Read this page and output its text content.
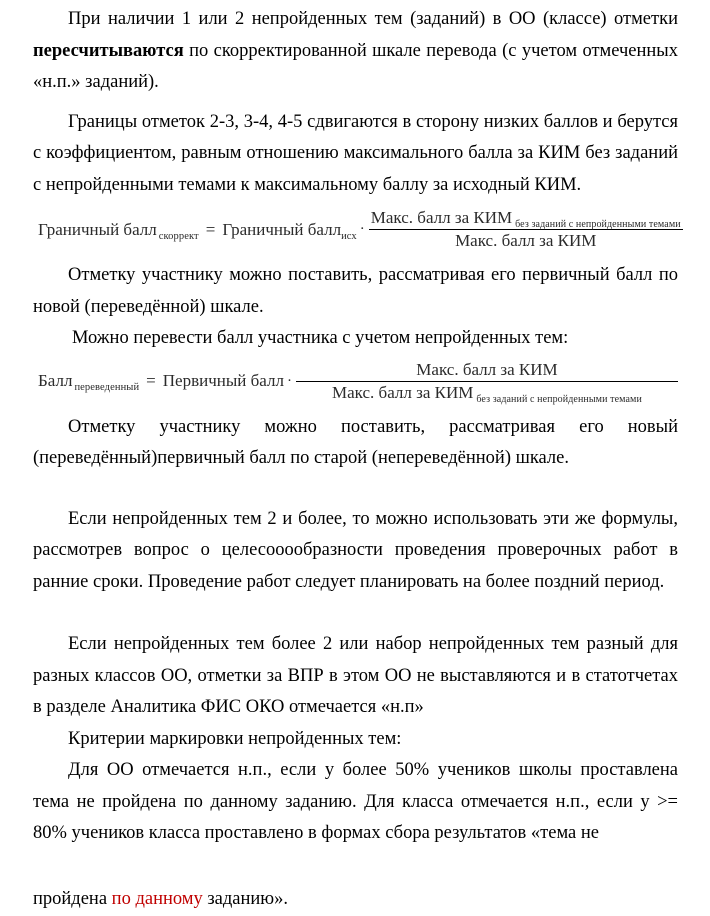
При наличии 1 или 2 непройденных тем (заданий) в ОО (классе) отметки пересчитываются по скорректированной шкале перевода (с учетом отмеченных «н.п.» заданий).

Границы отметок 2-3, 3-4, 4-5 сдвигаются в сторону низких баллов и берутся с коэффициентом, равным отношению максимального балла за КИМ без заданий с непройденными темами к максимальному баллу за исходный КИМ.

Граничный балл скоррект = Граничный балл исх · $\frac{\text{Макс. балл за КИМ без заданий с непройденными темами}}{\text{Макс. балл за КИМ}}$

Отметку участнику можно поставить, рассматривая его первичный балл по новой (переведённой) шкале.

Можно перевести балл участника с учетом непройденных тем:

Балл переведенный = Первичный балл · $\frac{\text{Макс. балл за КИМ}}{\text{Макс. балл за КИМ без заданий с непройденными темами}}$

Отметку участнику можно поставить, рассматривая его новый (переведённый)первичный балл по старой (непереведённой) шкале.

Если непройденных тем 2 и более, то можно использовать эти же формулы, рассмотрев вопрос о целесооообразности проведения проверочных работ в ранние сроки. Проведение работ следует планировать на более поздний период.

Если непройденных тем более 2 или набор непройденных тем разный для разных классов ОО, отметки за ВПР в этом ОО не выставляются и в статотчетах в разделе Аналитика ФИС ОКО отмечается «н.п»

Критерии маркировки непройденных тем:

Для ОО отмечается н.п., если у более 50% учеников школы проставлена тема не пройдена по данному заданию. Для класса отмечается н.п., если у >= 80% учеников класса проставлено в формах сбора результатов «тема не

пройдена по данному заданию».
